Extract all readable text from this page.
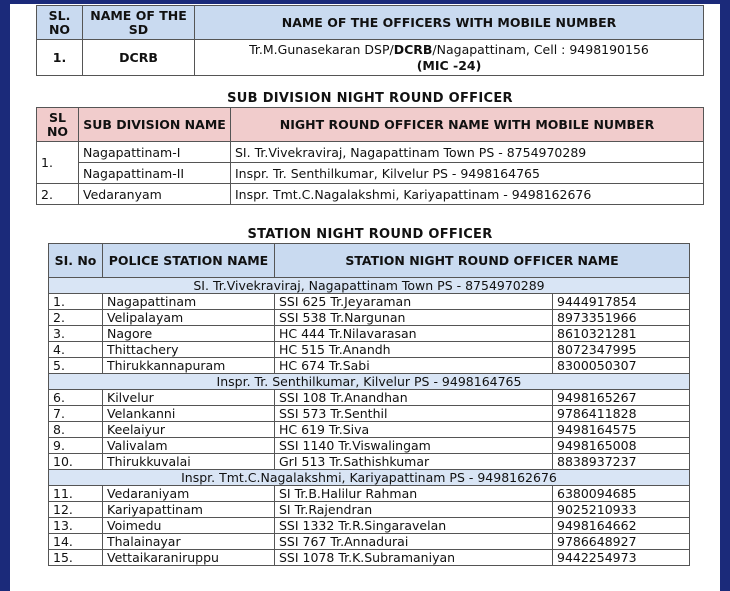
SL. NO	NAME OF THE SD	NAME OF THE OFFICERS WITH MOBILE NUMBER
1.	DCRB	Tr.M.Gunasekaran DSP/DCRB/Nagapattinam, Cell : 9498190156
(MIC -24)
SUB DIVISION NIGHT ROUND OFFICER
SL NO	SUB DIVISION NAME	NIGHT ROUND OFFICER NAME WITH MOBILE NUMBER
1.	Nagapattinam-I	SI. Tr.Vivekraviraj, Nagapattinam Town PS - 8754970289
	Nagapattinam-II	Inspr. Tr. Senthilkumar, Kilvelur PS - 9498164765
2.	Vedaranyam	Inspr. Tmt.C.Nagalakshmi, Kariyapattinam - 9498162676
STATION NIGHT ROUND OFFICER
SI. No	POLICE STATION NAME	STATION NIGHT ROUND OFFICER NAME	
SI. Tr.Vivekraviraj, Nagapattinam Town PS - 8754970289			
1.	Nagapattinam	SSI 625 Tr.Jeyaraman	9444917854
2.	Velipalayam	SSI 538 Tr.Nargunan	8973351966
3.	Nagore	HC 444 Tr.Nilavarasan	8610321281
4.	Thittachery	HC 515 Tr.Anandh	8072347995
5.	Thirukkannapuram	HC 674 Tr.Sabi	8300050307
Inspr. Tr. Senthilkumar, Kilvelur PS - 9498164765			
6.	Kilvelur	SSI 108 Tr.Anandhan	9498165267
7.	Velankanni	SSI 573 Tr.Senthil	9786411828
8.	Keelaiyur	HC 619 Tr.Siva	9498164575
9.	Valivalam	SSI 1140 Tr.Viswalingam	9498165008
10.	Thirukkuvalai	GrI 513 Tr.Sathishkumar	8838937237
Inspr. Tmt.C.Nagalakshmi, Kariyapattinam PS - 9498162676			
11.	Vedaraniyam	SI Tr.B.Halilur Rahman	6380094685
12.	Kariyapattinam	SI Tr.Rajendran	9025210933
13.	Voimedu	SSI 1332 Tr.R.Singaravelan	9498164662
14.	Thalainayar	SSI 767 Tr.Annadurai	9786648927
15.	Vettaikaraniruppu	SSI 1078 Tr.K.Subramaniyan	9442254973
